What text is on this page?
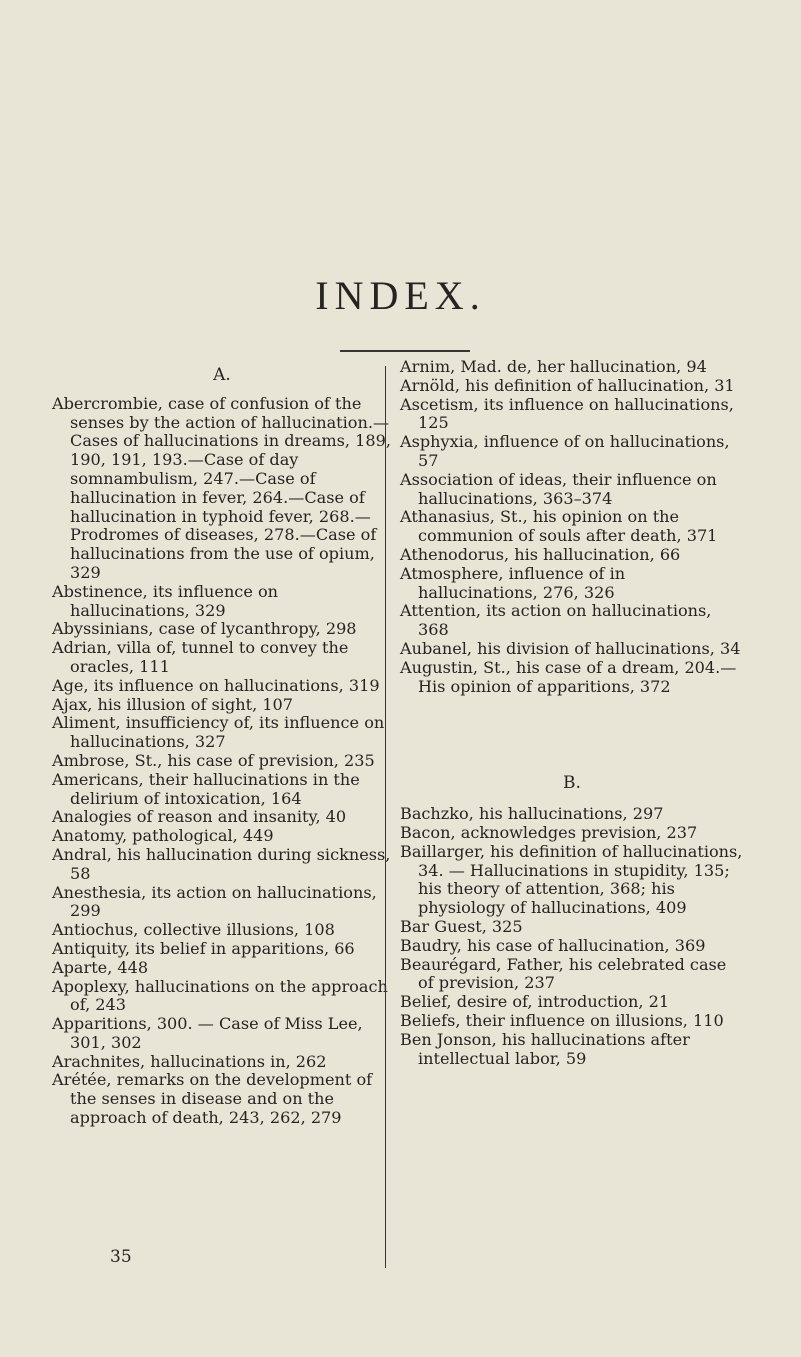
INDEX.
A.

Abercrombie, case of confusion of the senses by the action of hallucination.—Cases of hallucinations in dreams, 189, 190, 191, 193.—Case of day somnambulism, 247.—Case of hallucination in fever, 264.—Case of hallucination in typhoid fever, 268.—Prodromes of diseases, 278.—Case of hallucinations from the use of opium, 329

Abstinence, its influence on hallucinations, 329

Abyssinians, case of lycanthropy, 298

Adrian, villa of, tunnel to convey the oracles, 111

Age, its influence on hallucinations, 319

Ajax, his illusion of sight, 107

Aliment, insufficiency of, its influence on hallucinations, 327

Ambrose, St., his case of prevision, 235

Americans, their hallucinations in the delirium of intoxication, 164

Analogies of reason and insanity, 40

Anatomy, pathological, 449

Andral, his hallucination during sickness, 58

Anesthesia, its action on hallucinations, 299

Antiochus, collective illusions, 108

Antiquity, its belief in apparitions, 66

Aparte, 448

Apoplexy, hallucinations on the approach of, 243

Apparitions, 300. — Case of Miss Lee, 301, 302

Arachnites, hallucinations in, 262

Arétée, remarks on the development of the senses in disease and on the approach of death, 243, 262, 279

Arnim, Mad. de, her hallucination, 94

Arnöld, his definition of hallucination, 31

Ascetism, its influence on hallucinations, 125

Asphyxia, influence of on hallucinations, 57

Association of ideas, their influence on hallucinations, 363–374

Athanasius, St., his opinion on the communion of souls after death, 371

Athenodorus, his hallucination, 66

Atmosphere, influence of in hallucinations, 276, 326

Attention, its action on hallucinations, 368

Aubanel, his division of hallucinations, 34

Augustin, St., his case of a dream, 204.—His opinion of apparitions, 372

B.

Bachzko, his hallucinations, 297

Bacon, acknowledges prevision, 237

Baillarger, his definition of hallucinations, 34. — Hallucinations in stupidity, 135; his theory of attention, 368; his physiology of hallucinations, 409

Bar Guest, 325

Baudry, his case of hallucination, 369

Beaurégard, Father, his celebrated case of prevision, 237

Belief, desire of, introduction, 21

Beliefs, their influence on illusions, 110

Ben Jonson, his hallucinations after intellectual labor, 59

35
